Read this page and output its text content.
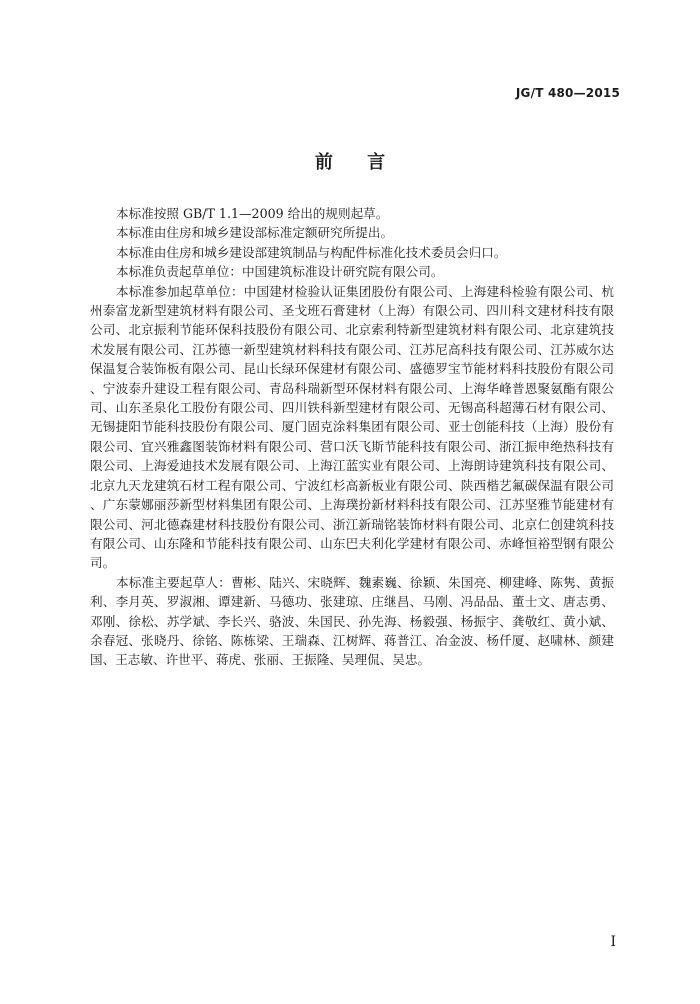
JG/T 480—2015
前 言

本标准按照 GB/T 1.1—2009 给出的规则起草。

本标准由住房和城乡建设部标准定额研究所提出。

本标准由住房和城乡建设部建筑制品与构配件标准化技术委员会归口。

本标准负责起草单位：中国建筑标准设计研究院有限公司。

本标准参加起草单位：中国建材检验认证集团股份有限公司、上海建科检验有限公司、杭州泰富龙新型建筑材料有限公司、圣戈班石膏建材（上海）有限公司、四川科文建材科技有限公司、北京振利节能环保科技股份有限公司、北京索利特新型建筑材料有限公司、北京建筑技术发展有限公司、江苏德一新型建筑材料科技有限公司、江苏尼高科技有限公司、江苏威尔达保温复合装饰板有限公司、昆山长绿环保建材有限公司、盛德罗宝节能材料科技股份有限公司、宁波泰升建设工程有限公司、青岛科瑞新型环保材料有限公司、上海华峰普恩聚氨酯有限公司、山东圣泉化工股份有限公司、四川铁科新型建材有限公司、无锡高科超薄石材有限公司、无锡捷阳节能科技股份有限公司、厦门固克涂料集团有限公司、亚士创能科技（上海）股份有限公司、宜兴雅鑫图装饰材料有限公司、营口沃飞斯节能科技有限公司、浙江振申绝热科技有限公司、上海爱迪技术发展有限公司、上海江蓝实业有限公司、上海朗诗建筑科技有限公司、北京九天龙建筑石材工程有限公司、宁波红杉高新板业有限公司、陕西楷艺氟碳保温有限公司、广东蒙娜丽莎新型材料集团有限公司、上海璞扮新材料科技有限公司、江苏坚雅节能建材有限公司、河北德森建材科技股份有限公司、浙江新瑞铭装饰材料有限公司、北京仁创建筑科技有限公司、山东隆和节能科技有限公司、山东巴夫利化学建材有限公司、赤峰恒裕型钢有限公司。

本标准主要起草人：曹彬、陆兴、宋晓辉、魏素巍、徐颖、朱国亮、柳建峰、陈隽、黄振利、李月英、罗淑湘、谭建新、马德功、张建琼、庄继昌、马刚、冯品品、董士文、唐志勇、邓刚、徐松、苏学斌、李长兴、骆波、朱国民、孙先海、杨毅强、杨振宇、龚敬红、黄小斌、余春冠、张晓丹、徐铭、陈栋梁、王瑞森、江树辉、蒋普江、冶金波、杨仟厦、赵啸林、颜建国、王志敏、许世平、蒋虎、张丽、王振隆、吴理侃、吴忠。

I
